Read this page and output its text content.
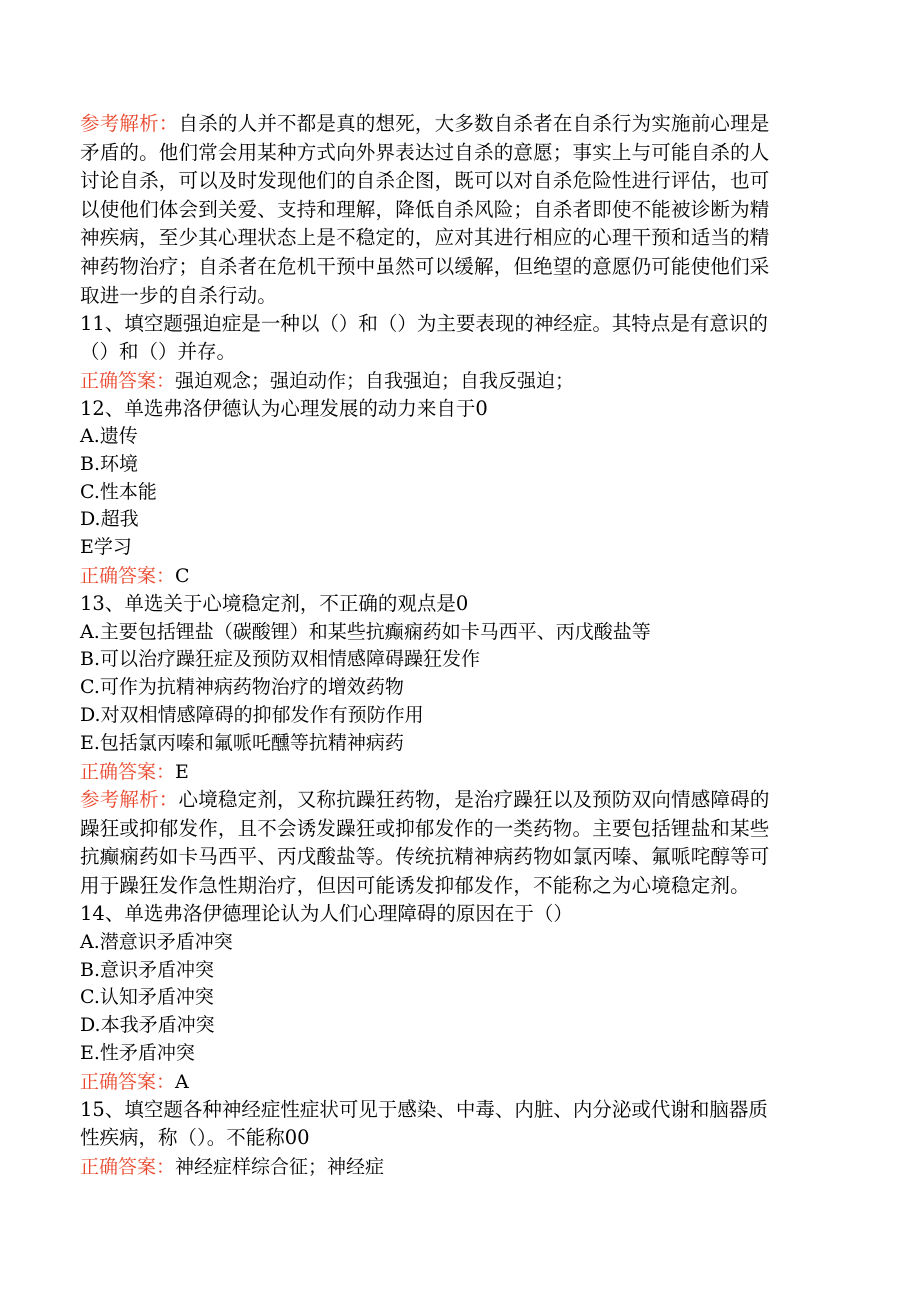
参考解析：自杀的人并不都是真的想死，大多数自杀者在自杀行为实施前心理是
矛盾的。他们常会用某种方式向外界表达过自杀的意愿；事实上与可能自杀的人
讨论自杀，可以及时发现他们的自杀企图，既可以对自杀危险性进行评估，也可
以使他们体会到关爱、支持和理解，降低自杀风险；自杀者即使不能被诊断为精
神疾病，至少其心理状态上是不稳定的，应对其进行相应的心理干预和适当的精
神药物治疗；自杀者在危机干预中虽然可以缓解，但绝望的意愿仍可能使他们采
取进一步的自杀行动。
11、填空题强迫症是一种以（）和（）为主要表现的神经症。其特点是有意识的
（）和（）并存。
正确答案：强迫观念；强迫动作；自我强迫；自我反强迫；
12、单选弗洛伊德认为心理发展的动力来自于0
A.遗传
B.环境
C.性本能
D.超我
E学习
正确答案：C
13、单选关于心境稳定剂，不正确的观点是0
A.主要包括锂盐（碳酸锂）和某些抗癫痫药如卡马西平、丙戊酸盐等
B.可以治疗躁狂症及预防双相情感障碍躁狂发作
C.可作为抗精神病药物治疗的增效药物
D.对双相情感障碍的抑郁发作有预防作用
E.包括氯丙嗪和氟哌吒醺等抗精神病药
正确答案：E
参考解析：心境稳定剂，又称抗躁狂药物，是治疗躁狂以及预防双向情感障碍的
躁狂或抑郁发作，且不会诱发躁狂或抑郁发作的一类药物。主要包括锂盐和某些
抗癫痫药如卡马西平、丙戊酸盐等。传统抗精神病药物如氯丙嗪、氟哌咤醇等可
用于躁狂发作急性期治疗，但因可能诱发抑郁发作，不能称之为心境稳定剂。
14、单选弗洛伊德理论认为人们心理障碍的原因在于（）
A.潜意识矛盾冲突
B.意识矛盾冲突
C.认知矛盾冲突
D.本我矛盾冲突
E.性矛盾冲突
正确答案：A
15、填空题各种神经症性症状可见于感染、中毒、内脏、内分泌或代谢和脑器质
性疾病，称（）。不能称00
正确答案：神经症样综合征；神经症
